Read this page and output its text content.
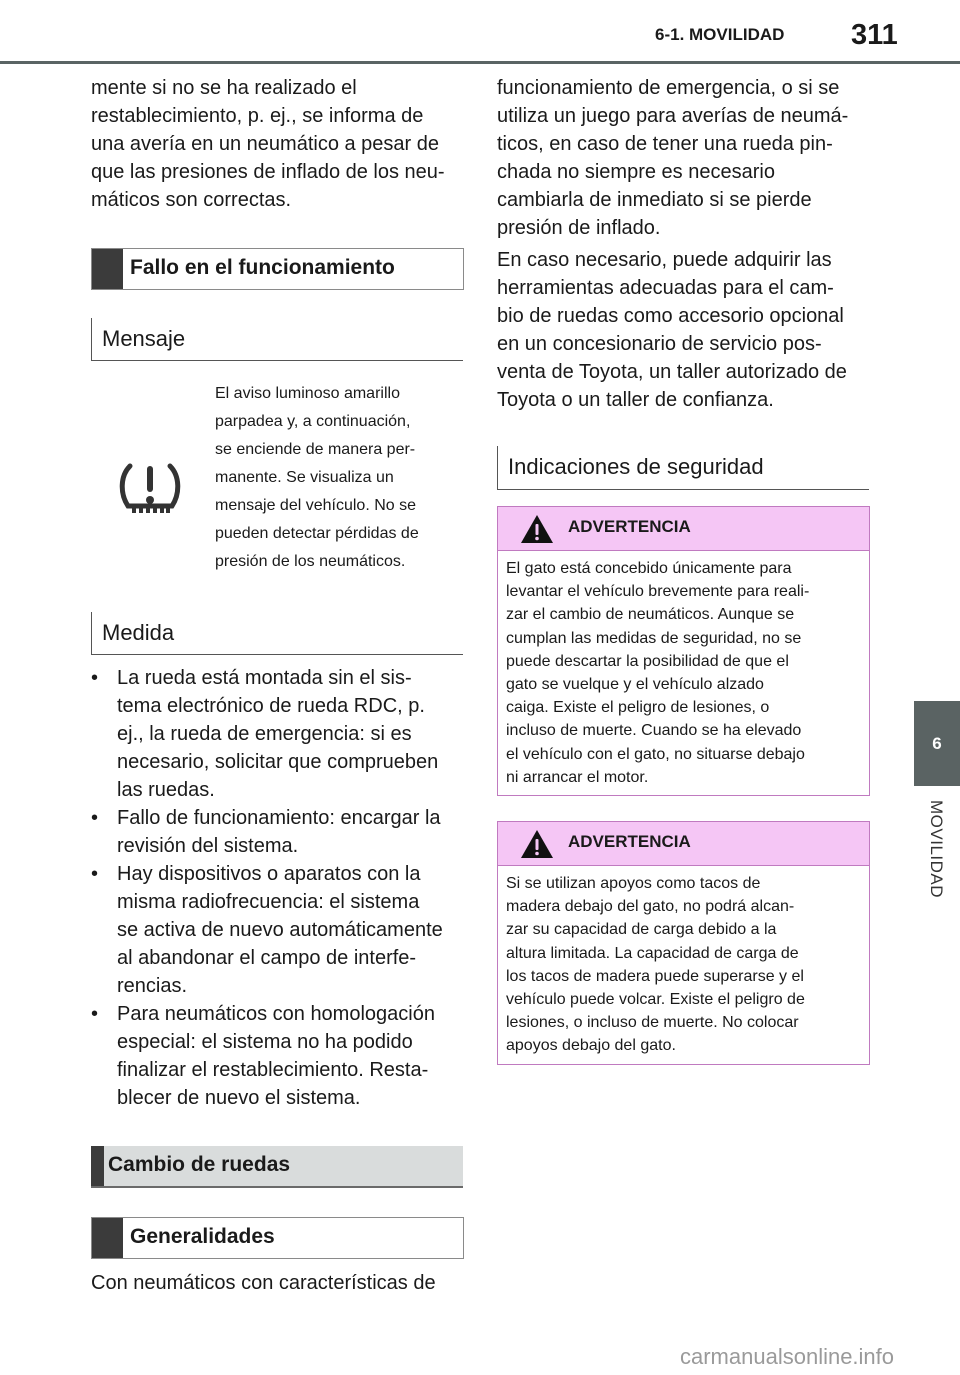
6-1. MOVILIDAD 311
6
MOVILIDAD
mente si no se ha realizado el
restablecimiento, p. ej., se informa de
una avería en un neumático a pesar de
que las presiones de inflado de los neu-
máticos son correctas.
Fallo en el funcionamiento
Mensaje
El aviso luminoso amarillo
parpadea y, a continuación,
se enciende de manera per-
manente. Se visualiza un
mensaje del vehículo. No se
pueden detectar pérdidas de
presión de los neumáticos.
Medida
• La rueda está montada sin el sis-
tema electrónico de rueda RDC, p.
ej., la rueda de emergencia: si es
necesario, solicitar que comprueben
las ruedas.
• Fallo de funcionamiento: encargar la
revisión del sistema.
• Hay dispositivos o aparatos con la
misma radiofrecuencia: el sistema
se activa de nuevo automáticamente
al abandonar el campo de interfe-
rencias.
• Para neumáticos con homologación
especial: el sistema no ha podido
finalizar el restablecimiento. Resta-
blecer de nuevo el sistema.
Cambio de ruedas
Generalidades
Con neumáticos con características de
funcionamiento de emergencia, o si se
utiliza un juego para averías de neumá-
ticos, en caso de tener una rueda pin-
chada no siempre es necesario
cambiarla de inmediato si se pierde
presión de inflado.
En caso necesario, puede adquirir las
herramientas adecuadas para el cam-
bio de ruedas como accesorio opcional
en un concesionario de servicio pos-
venta de Toyota, un taller autorizado de
Toyota o un taller de confianza.
Indicaciones de seguridad
ADVERTENCIA
El gato está concebido únicamente para
levantar el vehículo brevemente para reali-
zar el cambio de neumáticos. Aunque se
cumplan las medidas de seguridad, no se
puede descartar la posibilidad de que el
gato se vuelque y el vehículo alzado
caiga. Existe el peligro de lesiones, o
incluso de muerte. Cuando se ha elevado
el vehículo con el gato, no situarse debajo
ni arrancar el motor.
ADVERTENCIA
Si se utilizan apoyos como tacos de
madera debajo del gato, no podrá alcan-
zar su capacidad de carga debido a la
altura limitada. La capacidad de carga de
los tacos de madera puede superarse y el
vehículo puede volcar. Existe el peligro de
lesiones, o incluso de muerte. No colocar
apoyos debajo del gato.
carmanualsonline.info
